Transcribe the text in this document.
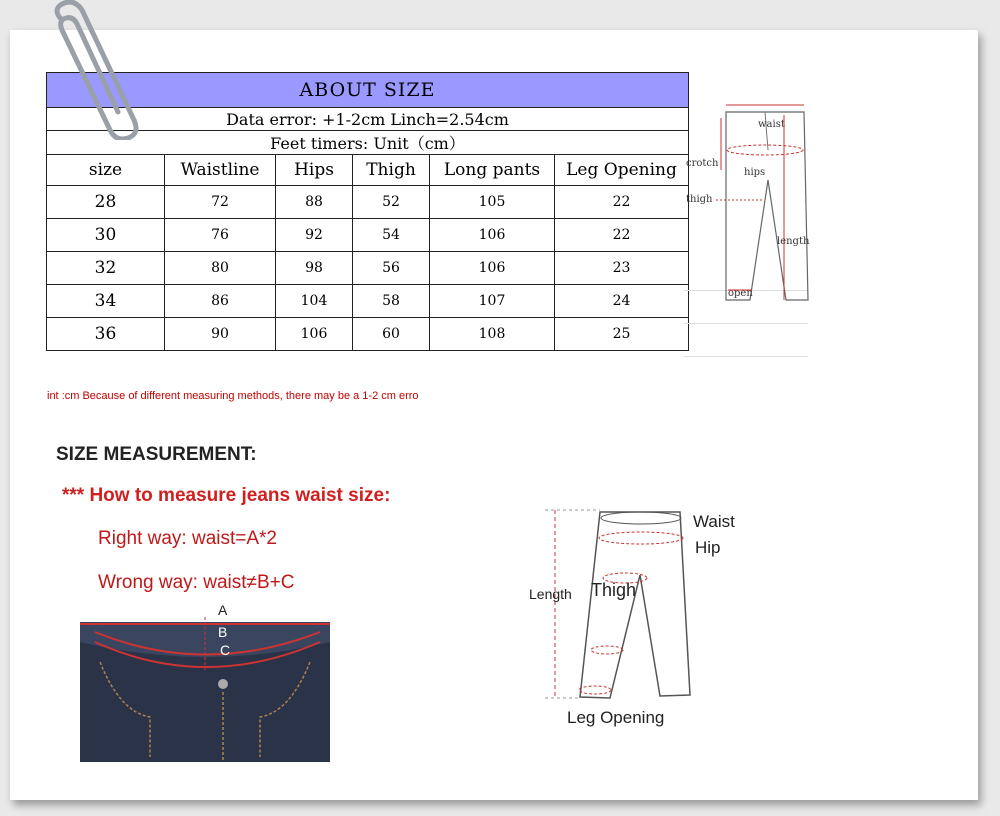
ABOUT SIZE					
Data error: +1-2cm Linch=2.54cm					
Feet timers: Unit（cm）					
size	Waistline	Hips	Thigh	Long pants	Leg Opening
28	72	88	52	105	22
30	76	92	54	106	22
32	80	98	56	106	23
34	86	104	58	107	24
36	90	106	60	108	25
waist
crotch
hips
thigh
length
open
int :cm Because of different measuring methods, there may be a 1-2 cm erro
SIZE MEASUREMENT:
*** How to measure jeans waist size:
Right way: waist=A*2
Wrong way: waist≠B+C
A
B
C
Waist
Hip
Length Thigh
Leg Opening
